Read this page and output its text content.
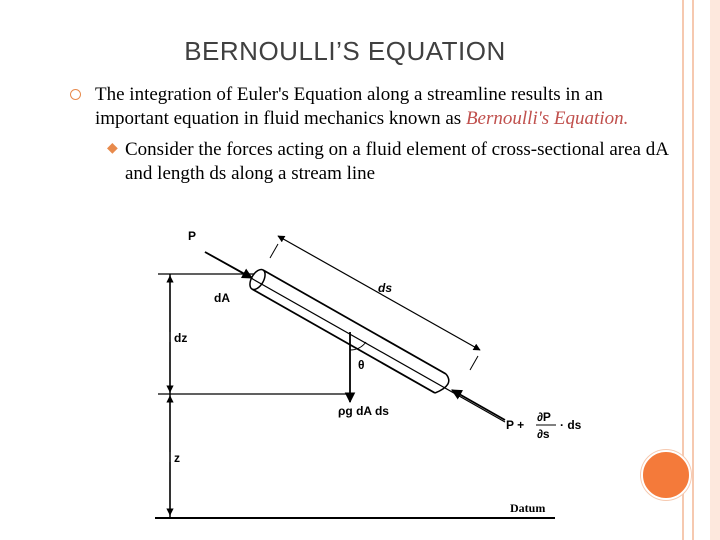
BERNOULLI’S EQUATION
The integration of Euler's Equation along a streamline results in an important equation in fluid mechanics known as Bernoulli's Equation.
◆ Consider the forces acting on a fluid element of cross-sectional area dA and length ds along a stream line
P
dA
ds
dz
θ
ρg dA ds
P +
∂P
∂s
· ds
z
Datum
